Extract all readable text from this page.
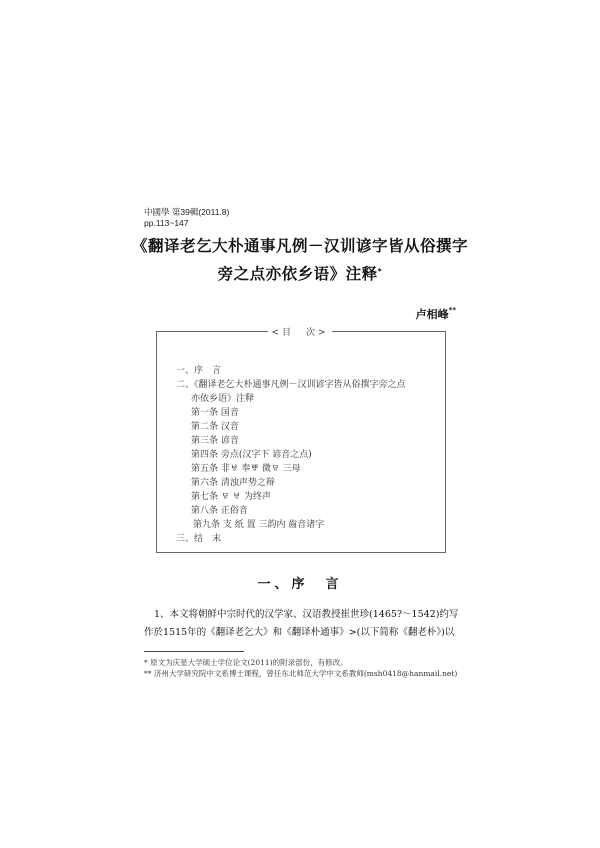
中國學 第39輯(2011.8)
pp.113~147
《翻译老乞大朴通事凡例－汉训谚字皆从俗撰字
旁之点亦依乡语》注释*
卢相峰**
<目　次>
一、序　言
二、《翻译老乞大朴通事凡例－汉训谚字皆从俗撰字旁之点
亦依乡语》注释
第一条 国音
第二条 汉音
第三条 谚音
第四条 旁点(汉字下 谚音之点)
第五条 非ㅸ 奉ㅹ 微ㅱ 三母
第六条 清浊声势之辩
第七条 ㅱ ㅸ 为终声
第八条 正俗音
第九条 支 纸 置 三韵内 齒音诸字
三、结　末
一、序　言
1、本文将朝鲜中宗时代的汉学家、汉语教授崔世珍(1465?～1542)约写
作於1515年的《翻译老乞大》和《翻译朴通事》>(以下简称《翻老朴》)以
* 原文为庆星大学硕士学位论文(2011)的附录部份，有修改。
** 济州大学研究院中文系博士课程，曾任东北师范大学中文系教师(msh0418@hanmail.net)
